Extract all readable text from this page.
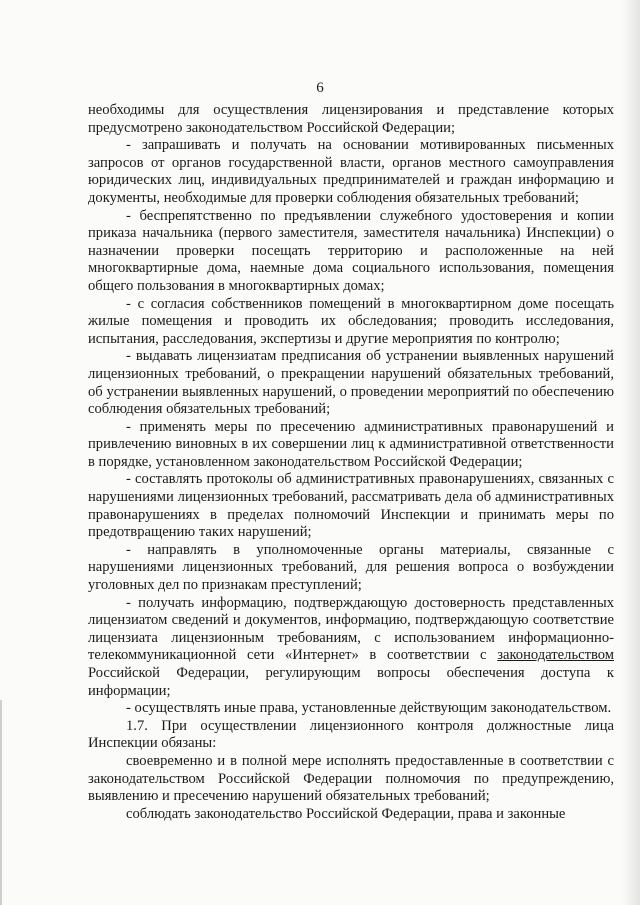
6

необходимы для осуществления лицензирования и представление которых предусмотрено законодательством Российской Федерации;

- запрашивать и получать на основании мотивированных письменных запросов от органов государственной власти, органов местного самоуправления юридических лиц, индивидуальных предпринимателей и граждан информацию и документы, необходимые для проверки соблюдения обязательных требований;

- беспрепятственно по предъявлении служебного удостоверения и копии приказа начальника (первого заместителя, заместителя начальника) Инспекции) о назначении проверки посещать территорию и расположенные на ней многоквартирные дома, наемные дома социального использования, помещения общего пользования в многоквартирных домах;

- с согласия собственников помещений в многоквартирном доме посещать жилые помещения и проводить их обследования; проводить исследования, испытания, расследования, экспертизы и другие мероприятия по контролю;

- выдавать лицензиатам предписания об устранении выявленных нарушений лицензионных требований, о прекращении нарушений обязательных требований, об устранении выявленных нарушений, о проведении мероприятий по обеспечению соблюдения обязательных требований;

- применять меры по пресечению административных правонарушений и привлечению виновных в их совершении лиц к административной ответственности в порядке, установленном законодательством Российской Федерации;

- составлять протоколы об административных правонарушениях, связанных с нарушениями лицензионных требований, рассматривать дела об административных правонарушениях в пределах полномочий Инспекции и принимать меры по предотвращению таких нарушений;

- направлять в уполномоченные органы материалы, связанные с нарушениями лицензионных требований, для решения вопроса о возбуждении уголовных дел по признакам преступлений;

- получать информацию, подтверждающую достоверность представленных лицензиатом сведений и документов, информацию, подтверждающую соответствие лицензиата лицензионным требованиям, с использованием информационно-телекоммуникационной сети «Интернет» в соответствии с законодательством Российской Федерации, регулирующим вопросы обеспечения доступа к информации;

- осуществлять иные права, установленные действующим законодательством.

1.7. При осуществлении лицензионного контроля должностные лица Инспекции обязаны:

своевременно и в полной мере исполнять предоставленные в соответствии с законодательством Российской Федерации полномочия по предупреждению, выявлению и пресечению нарушений обязательных требований;

соблюдать законодательство Российской Федерации, права и законные
